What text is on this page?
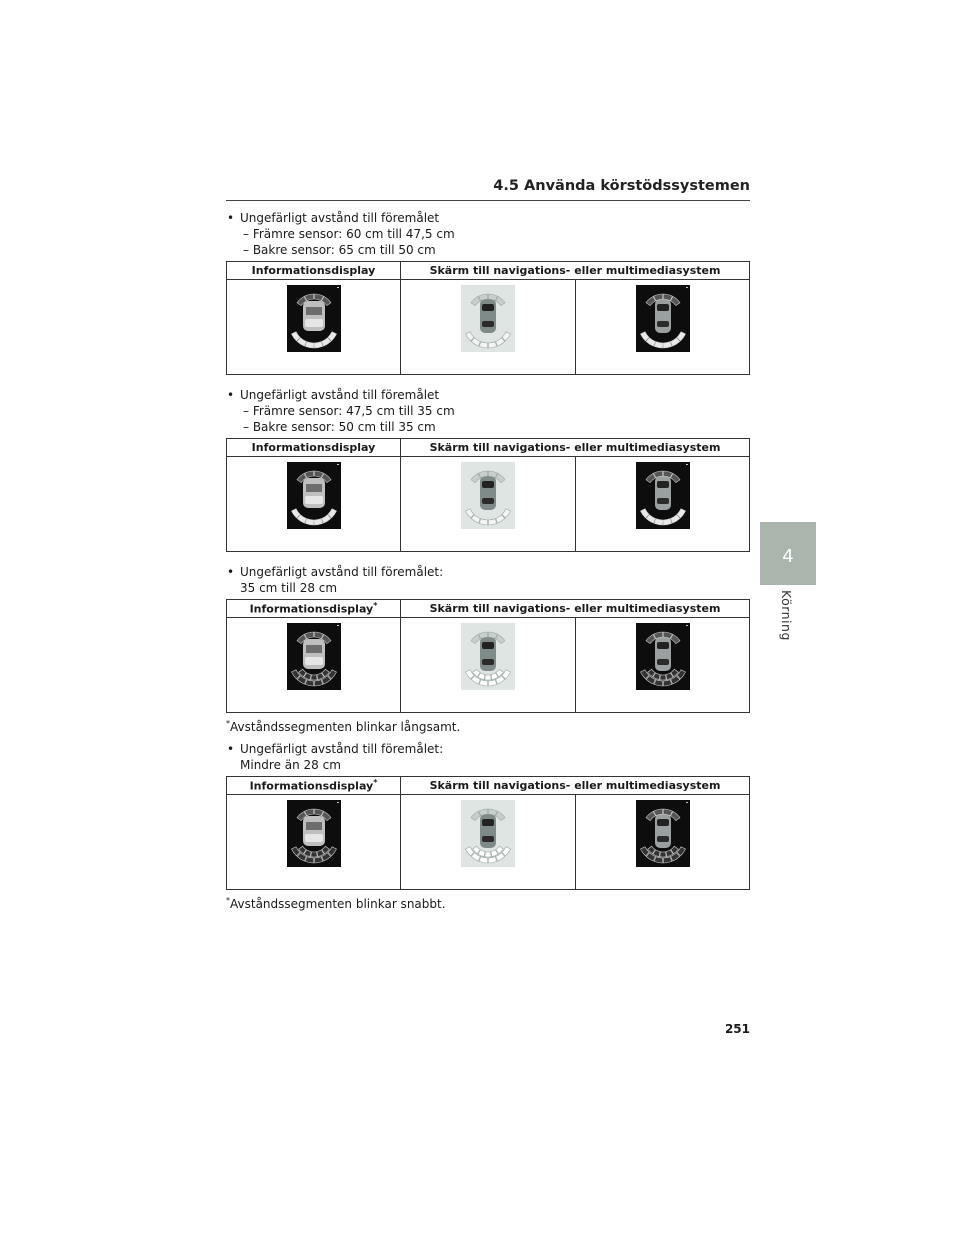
4.5 Använda körstödssystemen
4
Körning
• Ungefärligt avstånd till föremålet
– Främre sensor: 60 cm till 47,5 cm
– Bakre sensor: 65 cm till 50 cm
Informationsdisplay	Skärm till navigations- eller multimediasystem	

• Ungefärligt avstånd till föremålet
– Främre sensor: 47,5 cm till 35 cm
– Bakre sensor: 50 cm till 35 cm
Informationsdisplay	Skärm till navigations- eller multimediasystem	

• Ungefärligt avstånd till föremålet:
35 cm till 28 cm
Informationsdisplay*	Skärm till navigations- eller multimediasystem	

*Avståndssegmenten blinkar långsamt.
• Ungefärligt avstånd till föremålet:
Mindre än 28 cm
Informationsdisplay*	Skärm till navigations- eller multimediasystem	

*Avståndssegmenten blinkar snabbt.
251
